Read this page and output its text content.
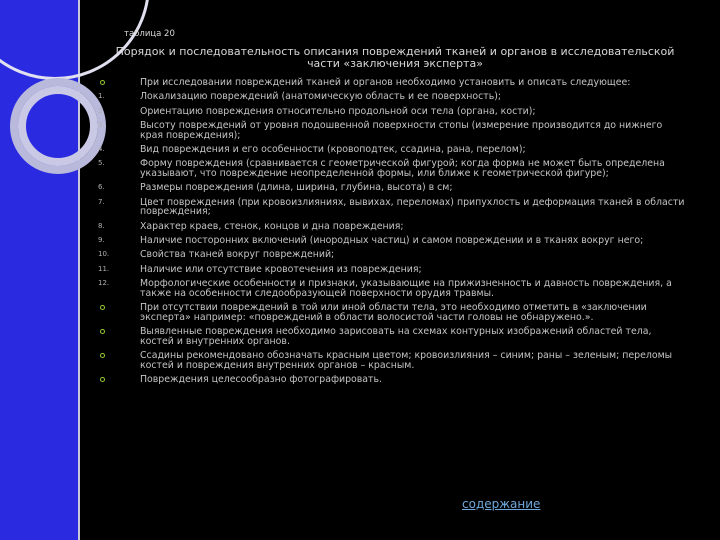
таблица 20
Порядок и последовательность описания повреждений тканей и органов в исследовательской
части «заключения эксперта»
При исследовании повреждений тканей и органов необходимо установить и описать следующее:
1.	Локализацию повреждений (анатомическую область и ее поверхность);
2.	Ориентацию повреждения относительно продольной оси тела (органа, кости);
3.	Высоту повреждений от уровня подошвенной поверхности стопы (измерение производится до нижнего края повреждения);
4.	Вид повреждения и его особенности (кровоподтек, ссадина, рана, перелом);
5.	Форму повреждения (сравнивается с геометрической фигурой; когда форма не может быть определена указывают, что повреждение неопределенной формы, или ближе к геометрической фигуре);
6.	Размеры повреждения (длина, ширина, глубина, высота) в см;
7.	Цвет повреждения (при кровоизлияниях, вывихах, переломах) припухлость и деформация тканей в области повреждения;
8.	Характер краев, стенок, концов и дна повреждения;
9.	Наличие посторонних включений (инородных частиц) и самом повреждении и в тканях вокруг него;
10.	Свойства тканей вокруг повреждений;
11.	Наличие или отсутствие кровотечения из повреждения;
12.	Морфологические особенности и признаки, указывающие на прижизненность и давность повреждения, а также на особенности следообразующей поверхности орудия травмы.
При отсутствии повреждений в той или иной области тела, это необходимо отметить в «заключении эксперта» например: «повреждений в области волосистой части головы не обнаружено.».
Выявленные повреждения необходимо зарисовать на схемах контурных изображений областей тела, костей и внутренних органов.
Ссадины рекомендовано обозначать красным цветом; кровоизлияния – синим; раны – зеленым; переломы костей и повреждения внутренних органов – красным.
Повреждения целесообразно фотографировать.
содержание
